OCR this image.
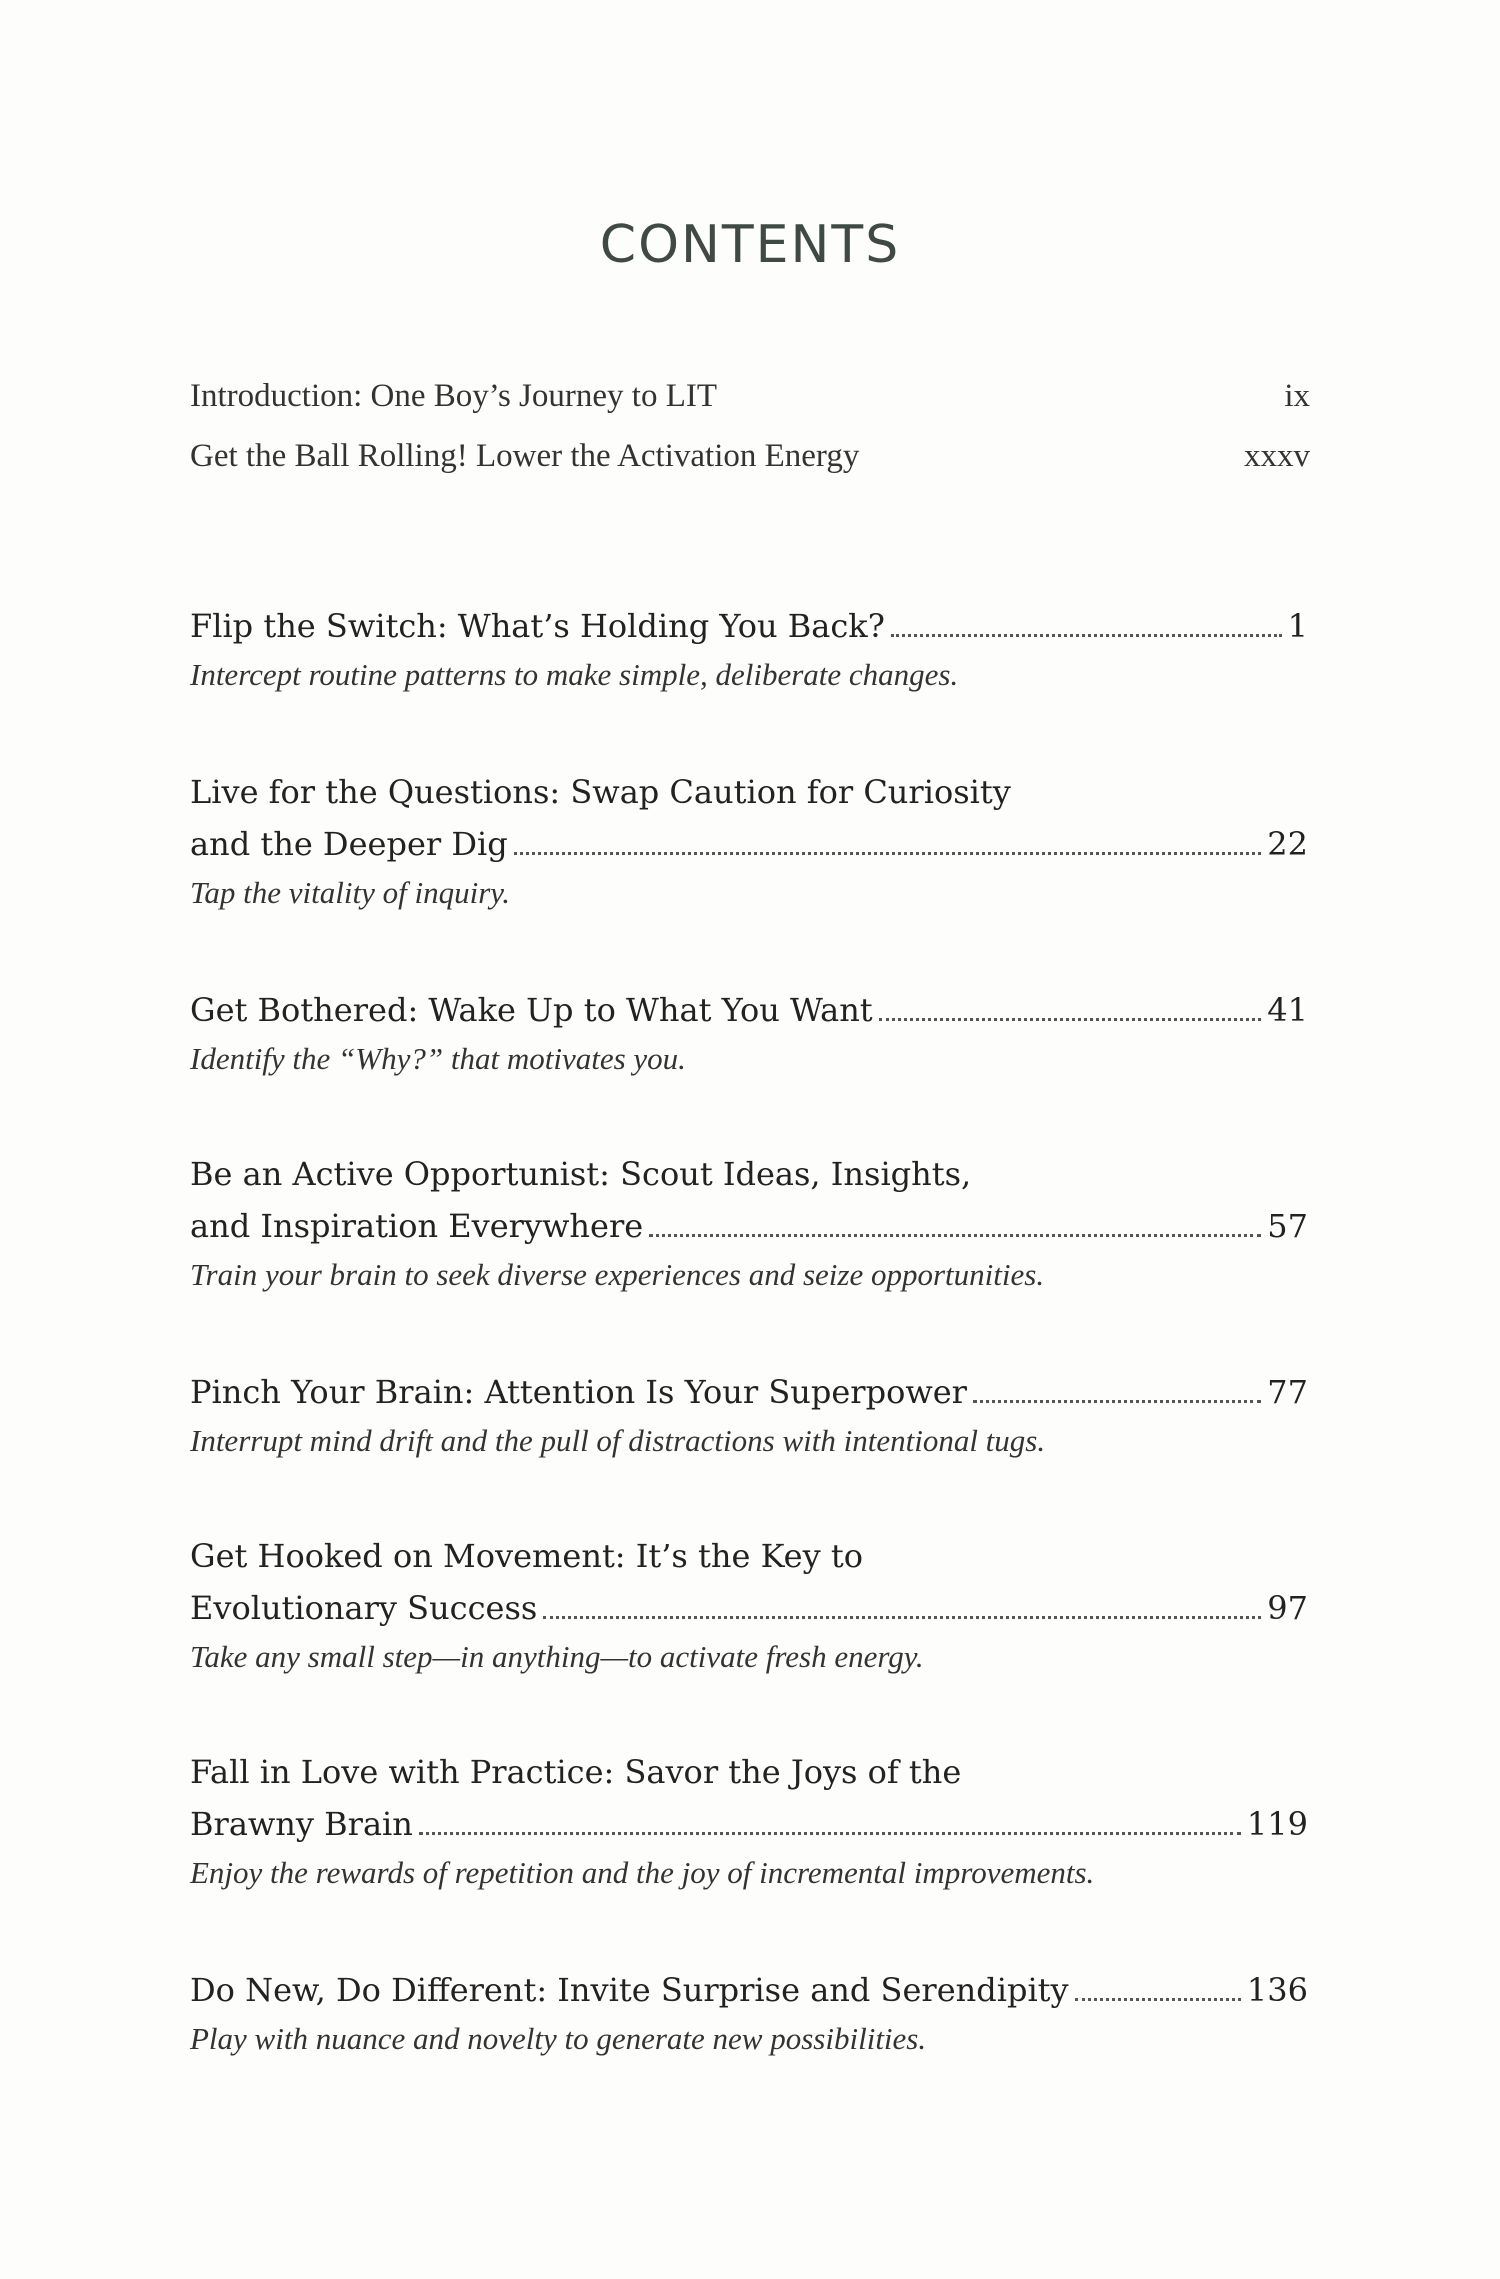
CONTENTS
Introduction: One Boy’s Journey to LIT	ix
Get the Ball Rolling! Lower the Activation Energy	xxxv
Flip the Switch: What’s Holding You Back?	1
Intercept routine patterns to make simple, deliberate changes.
Live for the Questions: Swap Caution for Curiosity
and the Deeper Dig	22
Tap the vitality of inquiry.
Get Bothered: Wake Up to What You Want	41
Identify the “Why?” that motivates you.
Be an Active Opportunist: Scout Ideas, Insights,
and Inspiration Everywhere	57
Train your brain to seek diverse experiences and seize opportunities.
Pinch Your Brain: Attention Is Your Superpower	77
Interrupt mind drift and the pull of distractions with intentional tugs.
Get Hooked on Movement: It’s the Key to
Evolutionary Success	97
Take any small step—in anything—to activate fresh energy.
Fall in Love with Practice: Savor the Joys of the
Brawny Brain	119
Enjoy the rewards of repetition and the joy of incremental improvements.
Do New, Do Different: Invite Surprise and Serendipity	136
Play with nuance and novelty to generate new possibilities.
